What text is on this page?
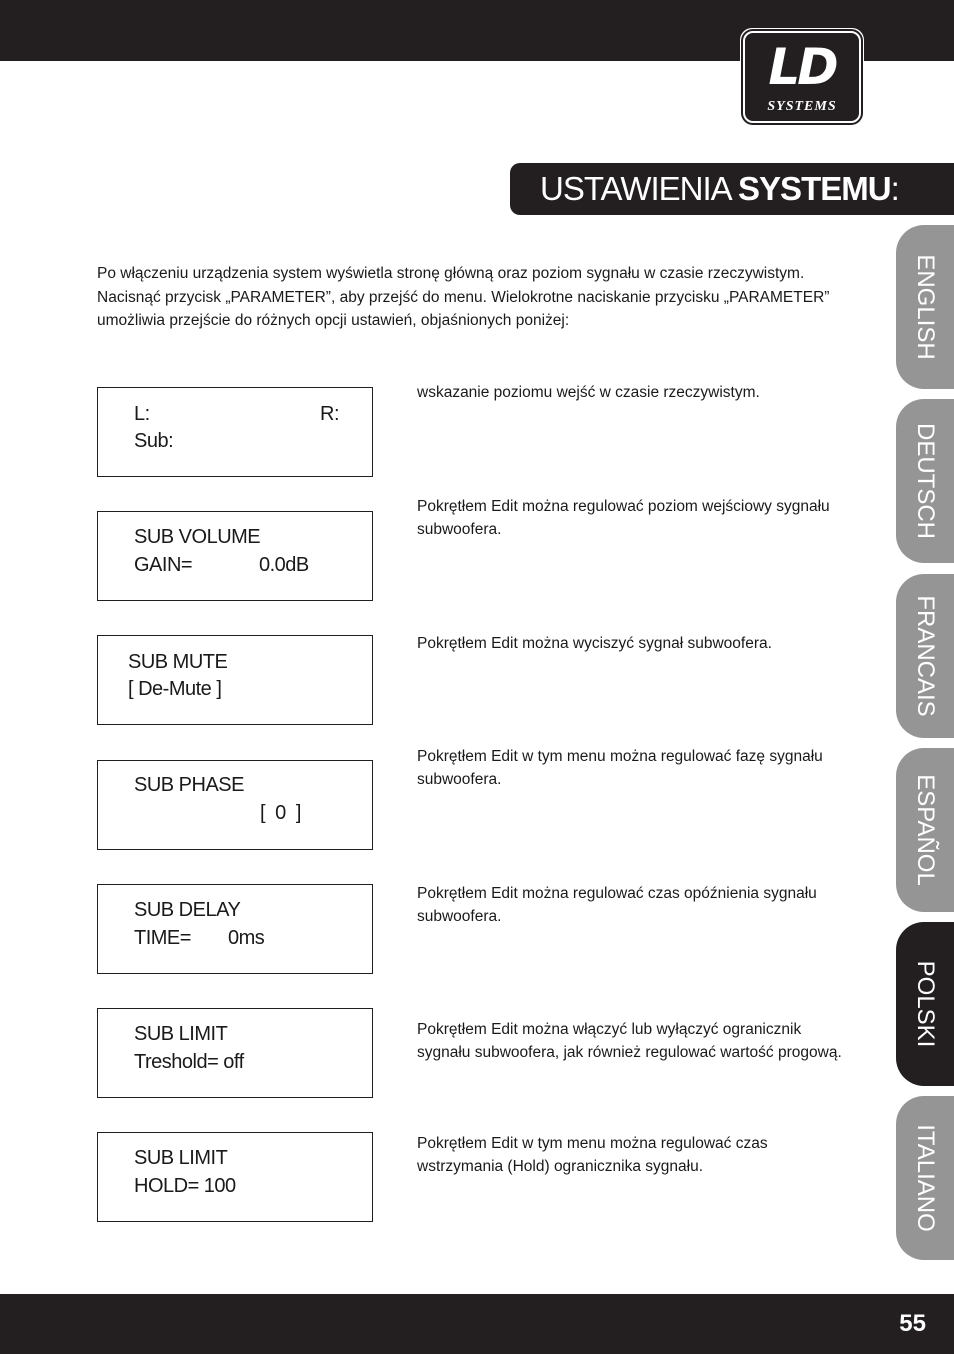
LD
SYSTEMS
USTAWIENIA SYSTEMU:
Po włączeniu urządzenia system wyświetla stronę główną oraz poziom sygnału w czasie rzeczywistym. Nacisnąć przycisk „PARAMETER”, aby przejść do menu. Wielokrotne naciskanie przycisku „PARAMETER” umożliwia przejście do różnych opcji ustawień, objaśnionych poniżej:	ENGLISH
DEUTSCH
FRANCAIS
ESPAÑOL
POLSKI
ITALIANO
L:	R:
Sub:
wskazanie poziomu wejść w czasie rzeczywistym.
SUB VOLUME
GAIN=	0.0dB
Pokrętłem Edit można regulować poziom wejściowy sygnału subwoofera.
SUB MUTE
[ De-Mute ]
Pokrętłem Edit można wyciszyć sygnał subwoofera.
SUB PHASE
[  0  ]
Pokrętłem Edit w tym menu można regulować fazę sygnału subwoofera.
SUB DELAY
TIME= 0ms
Pokrętłem Edit można regulować czas opóźnienia sygnału subwoofera.
SUB LIMIT
Treshold= off
Pokrętłem Edit można włączyć lub wyłączyć ogranicznik sygnału subwoofera, jak również regulować wartość progową.
SUB LIMIT
HOLD= 100
Pokrętłem Edit w tym menu można regulować czas wstrzymania (Hold) ogranicznika sygnału.
55
